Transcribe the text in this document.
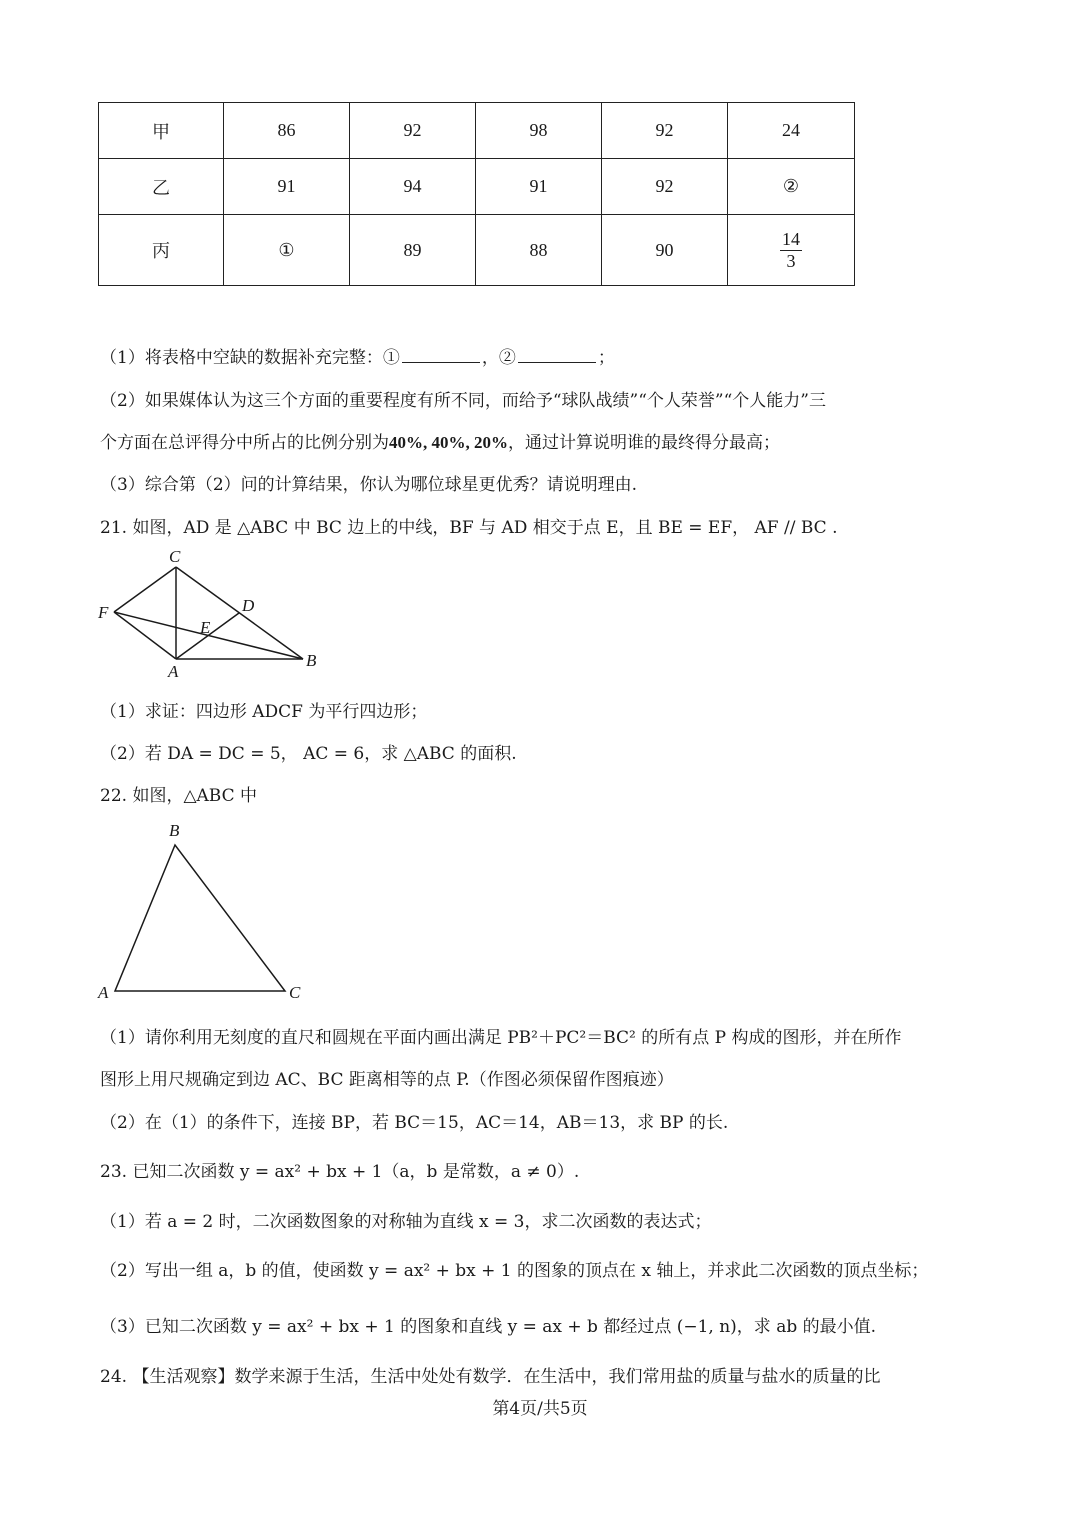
甲	86	92	98	92	24
乙	91	94	91	92	②
丙	①	89	88	90	$\frac{14}{3}$
（1）将表格中空缺的数据补充完整：①	，②	；
（2）如果媒体认为这三个方面的重要程度有所不同，而给予“球队战绩”“个人荣誉”“个人能力”三
个方面在总评得分中所占的比例分别为40%, 40%, 20%，通过计算说明谁的最终得分最高；
（3）综合第（2）问的计算结果，你认为哪位球星更优秀？请说明理由.
21. 如图，AD 是 △ABC 中 BC 边上的中线，BF 与 AD 相交于点 E，且 BE = EF， AF // BC .
C
D
F
E
A
B
（1）求证：四边形 ADCF 为平行四边形；
（2）若 DA = DC = 5， AC = 6，求 △ABC 的面积.
22. 如图，△ABC 中
B
A	C
（1）请你利用无刻度的直尺和圆规在平面内画出满足 PB²＋PC²＝BC² 的所有点 P 构成的图形，并在所作
图形上用尺规确定到边 AC、BC 距离相等的点 P.（作图必须保留作图痕迹）
（2）在（1）的条件下，连接 BP，若 BC＝15，AC＝14，AB＝13，求 BP 的长.
23. 已知二次函数 y = ax² + bx + 1（a，b 是常数，a ≠ 0）.
（1）若 a = 2 时，二次函数图象的对称轴为直线 x = 3，求二次函数的表达式；
（2）写出一组 a，b 的值，使函数 y = ax² + bx + 1 的图象的顶点在 x 轴上，并求此二次函数的顶点坐标；
（3）已知二次函数 y = ax² + bx + 1 的图象和直线 y = ax + b 都经过点 (−1, n)，求 ab 的最小值.
24. 【生活观察】数学来源于生活，生活中处处有数学．在生活中，我们常用盐的质量与盐水的质量的比
第4页/共5页
